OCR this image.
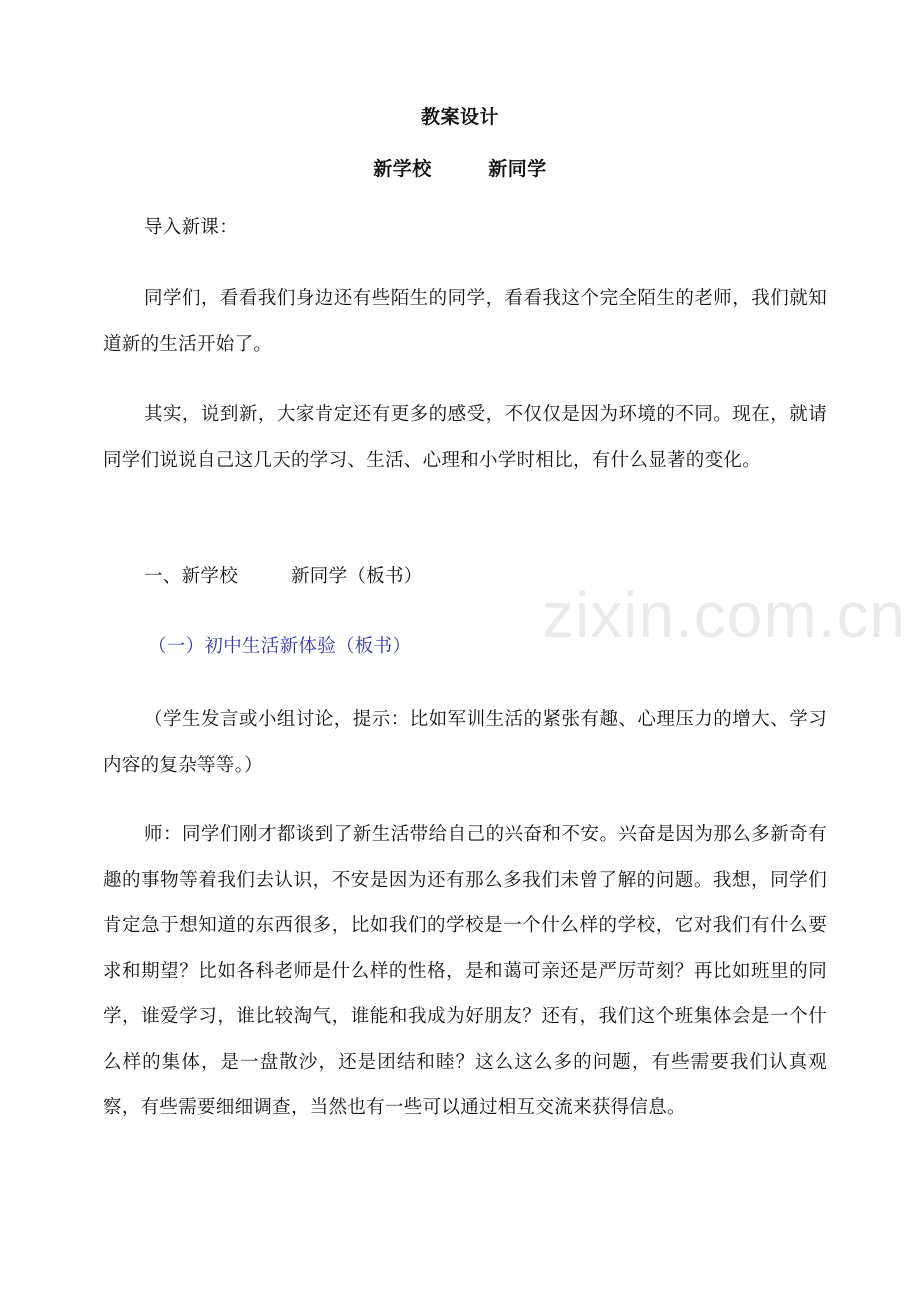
教案设计
新学校　 新同学
导入新课：
同学们，看看我们身边还有些陌生的同学，看看我这个完全陌生的老师，我们就知道新的生活开始了。
其实，说到新，大家肯定还有更多的感受，不仅仅是因为环境的不同。现在，就请同学们说说自己这几天的学习、生活、心理和小学时相比，有什么显著的变化。
一、新学校　 新同学（板书）
（一）初中生活新体验（板书）
（学生发言或小组讨论，提示：比如军训生活的紧张有趣、心理压力的增大、学习内容的复杂等等。）
师：同学们刚才都谈到了新生活带给自己的兴奋和不安。兴奋是因为那么多新奇有趣的事物等着我们去认识，不安是因为还有那么多我们未曾了解的问题。我想，同学们肯定急于想知道的东西很多，比如我们的学校是一个什么样的学校，它对我们有什么要求和期望？比如各科老师是什么样的性格，是和蔼可亲还是严厉苛刻？再比如班里的同学，谁爱学习，谁比较淘气，谁能和我成为好朋友？还有，我们这个班集体会是一个什么样的集体，是一盘散沙，还是团结和睦？这么这么多的问题，有些需要我们认真观察，有些需要细细调查，当然也有一些可以通过相互交流来获得信息。
zixin.com.cn
